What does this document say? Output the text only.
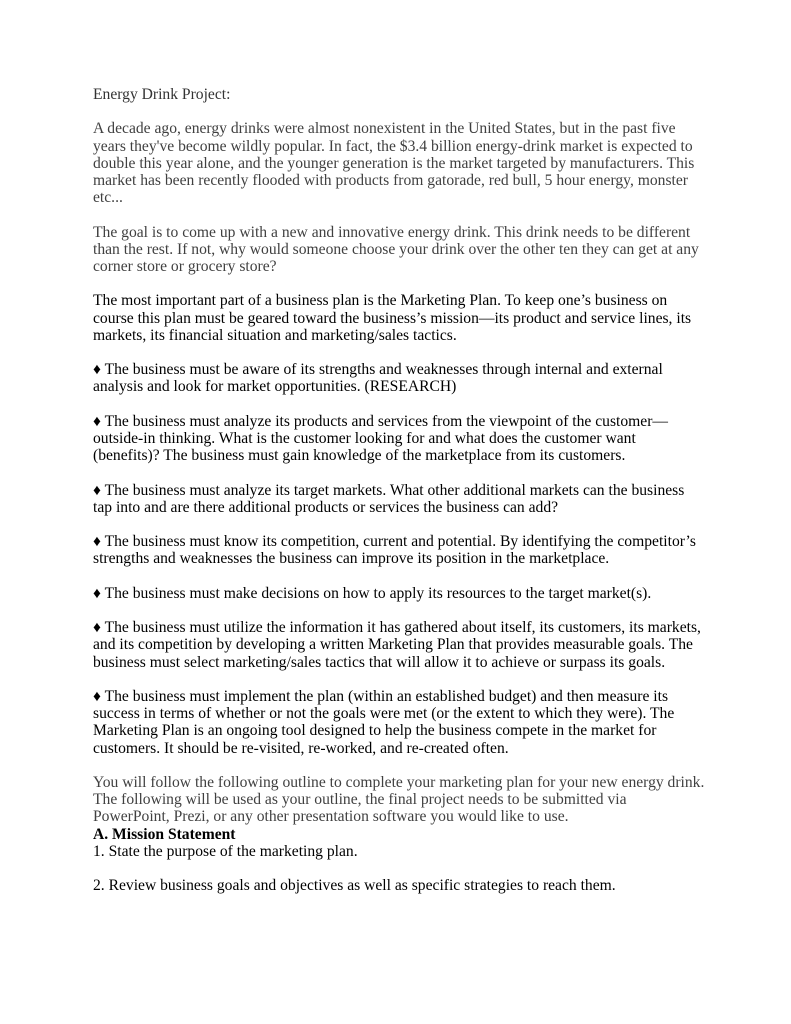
Energy Drink Project:

A decade ago, energy drinks were almost nonexistent in the United States, but in the past five years they've become wildly popular. In fact, the $3.4 billion energy-drink market is expected to double this year alone, and the younger generation is the market targeted by manufacturers. This market has been recently flooded with products from gatorade, red bull, 5 hour energy, monster etc...

The goal is to come up with a new and innovative energy drink. This drink needs to be different than the rest. If not, why would someone choose your drink over the other ten they can get at any corner store or grocery store?

The most important part of a business plan is the Marketing Plan. To keep one’s business on course this plan must be geared toward the business’s mission—its product and service lines, its markets, its financial situation and marketing/sales tactics.

♦ The business must be aware of its strengths and weaknesses through internal and external analysis and look for market opportunities. (RESEARCH)

♦ The business must analyze its products and services from the viewpoint of the customer—outside-in thinking. What is the customer looking for and what does the customer want (benefits)? The business must gain knowledge of the marketplace from its customers.

♦ The business must analyze its target markets. What other additional markets can the business tap into and are there additional products or services the business can add?

♦ The business must know its competition, current and potential. By identifying the competitor’s strengths and weaknesses the business can improve its position in the marketplace.

♦ The business must make decisions on how to apply its resources to the target market(s).

♦ The business must utilize the information it has gathered about itself, its customers, its markets, and its competition by developing a written Marketing Plan that provides measurable goals. The business must select marketing/sales tactics that will allow it to achieve or surpass its goals.

♦ The business must implement the plan (within an established budget) and then measure its success in terms of whether or not the goals were met (or the extent to which they were). The Marketing Plan is an ongoing tool designed to help the business compete in the market for customers. It should be re-visited, re-worked, and re-created often.

You will follow the following outline to complete your marketing plan for your new energy drink. The following will be used as your outline, the final project needs to be submitted via PowerPoint, Prezi, or any other presentation software you would like to use.

A. Mission Statement

1. State the purpose of the marketing plan.

2. Review business goals and objectives as well as specific strategies to reach them.
